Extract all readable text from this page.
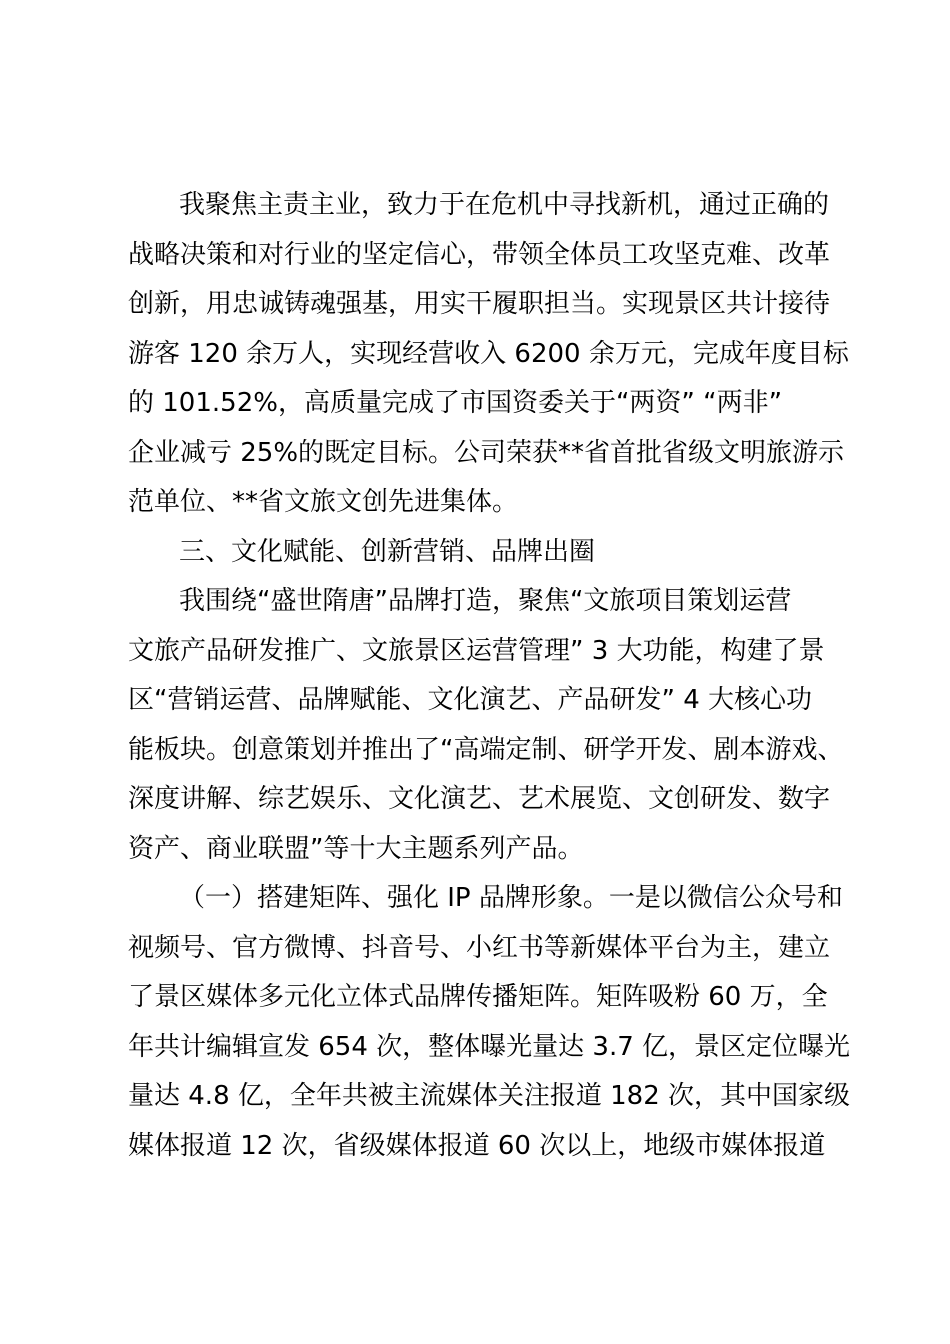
我聚焦主责主业，致力于在危机中寻找新机，通过正确的
战略决策和对行业的坚定信心，带领全体员工攻坚克难、改革
创新，用忠诚铸魂强基，用实干履职担当。实现景区共计接待
游客 120 余万人，实现经营收入 6200 余万元，完成年度目标
的 101.52%，高质量完成了市国资委关于“两资” “两非”
企业减亏 25%的既定目标。公司荣获**省首批省级文明旅游示
范单位、**省文旅文创先进集体。
三、文化赋能、创新营销、品牌出圈
我围绕“盛世隋唐”品牌打造，聚焦“文旅项目策划运营
文旅产品研发推广、文旅景区运营管理” 3 大功能，构建了景
区“营销运营、品牌赋能、文化演艺、产品研发” 4 大核心功
能板块。创意策划并推出了“高端定制、研学开发、剧本游戏、
深度讲解、综艺娱乐、文化演艺、艺术展览、文创研发、数字
资产、商业联盟”等十大主题系列产品。
（一）搭建矩阵、强化 IP 品牌形象。一是以微信公众号和
视频号、官方微博、抖音号、小红书等新媒体平台为主，建立
了景区媒体多元化立体式品牌传播矩阵。矩阵吸粉 60 万，全
年共计编辑宣发 654 次，整体曝光量达 3.7 亿，景区定位曝光
量达 4.8 亿，全年共被主流媒体关注报道 182 次，其中国家级
媒体报道 12 次，省级媒体报道 60 次以上，地级市媒体报道
